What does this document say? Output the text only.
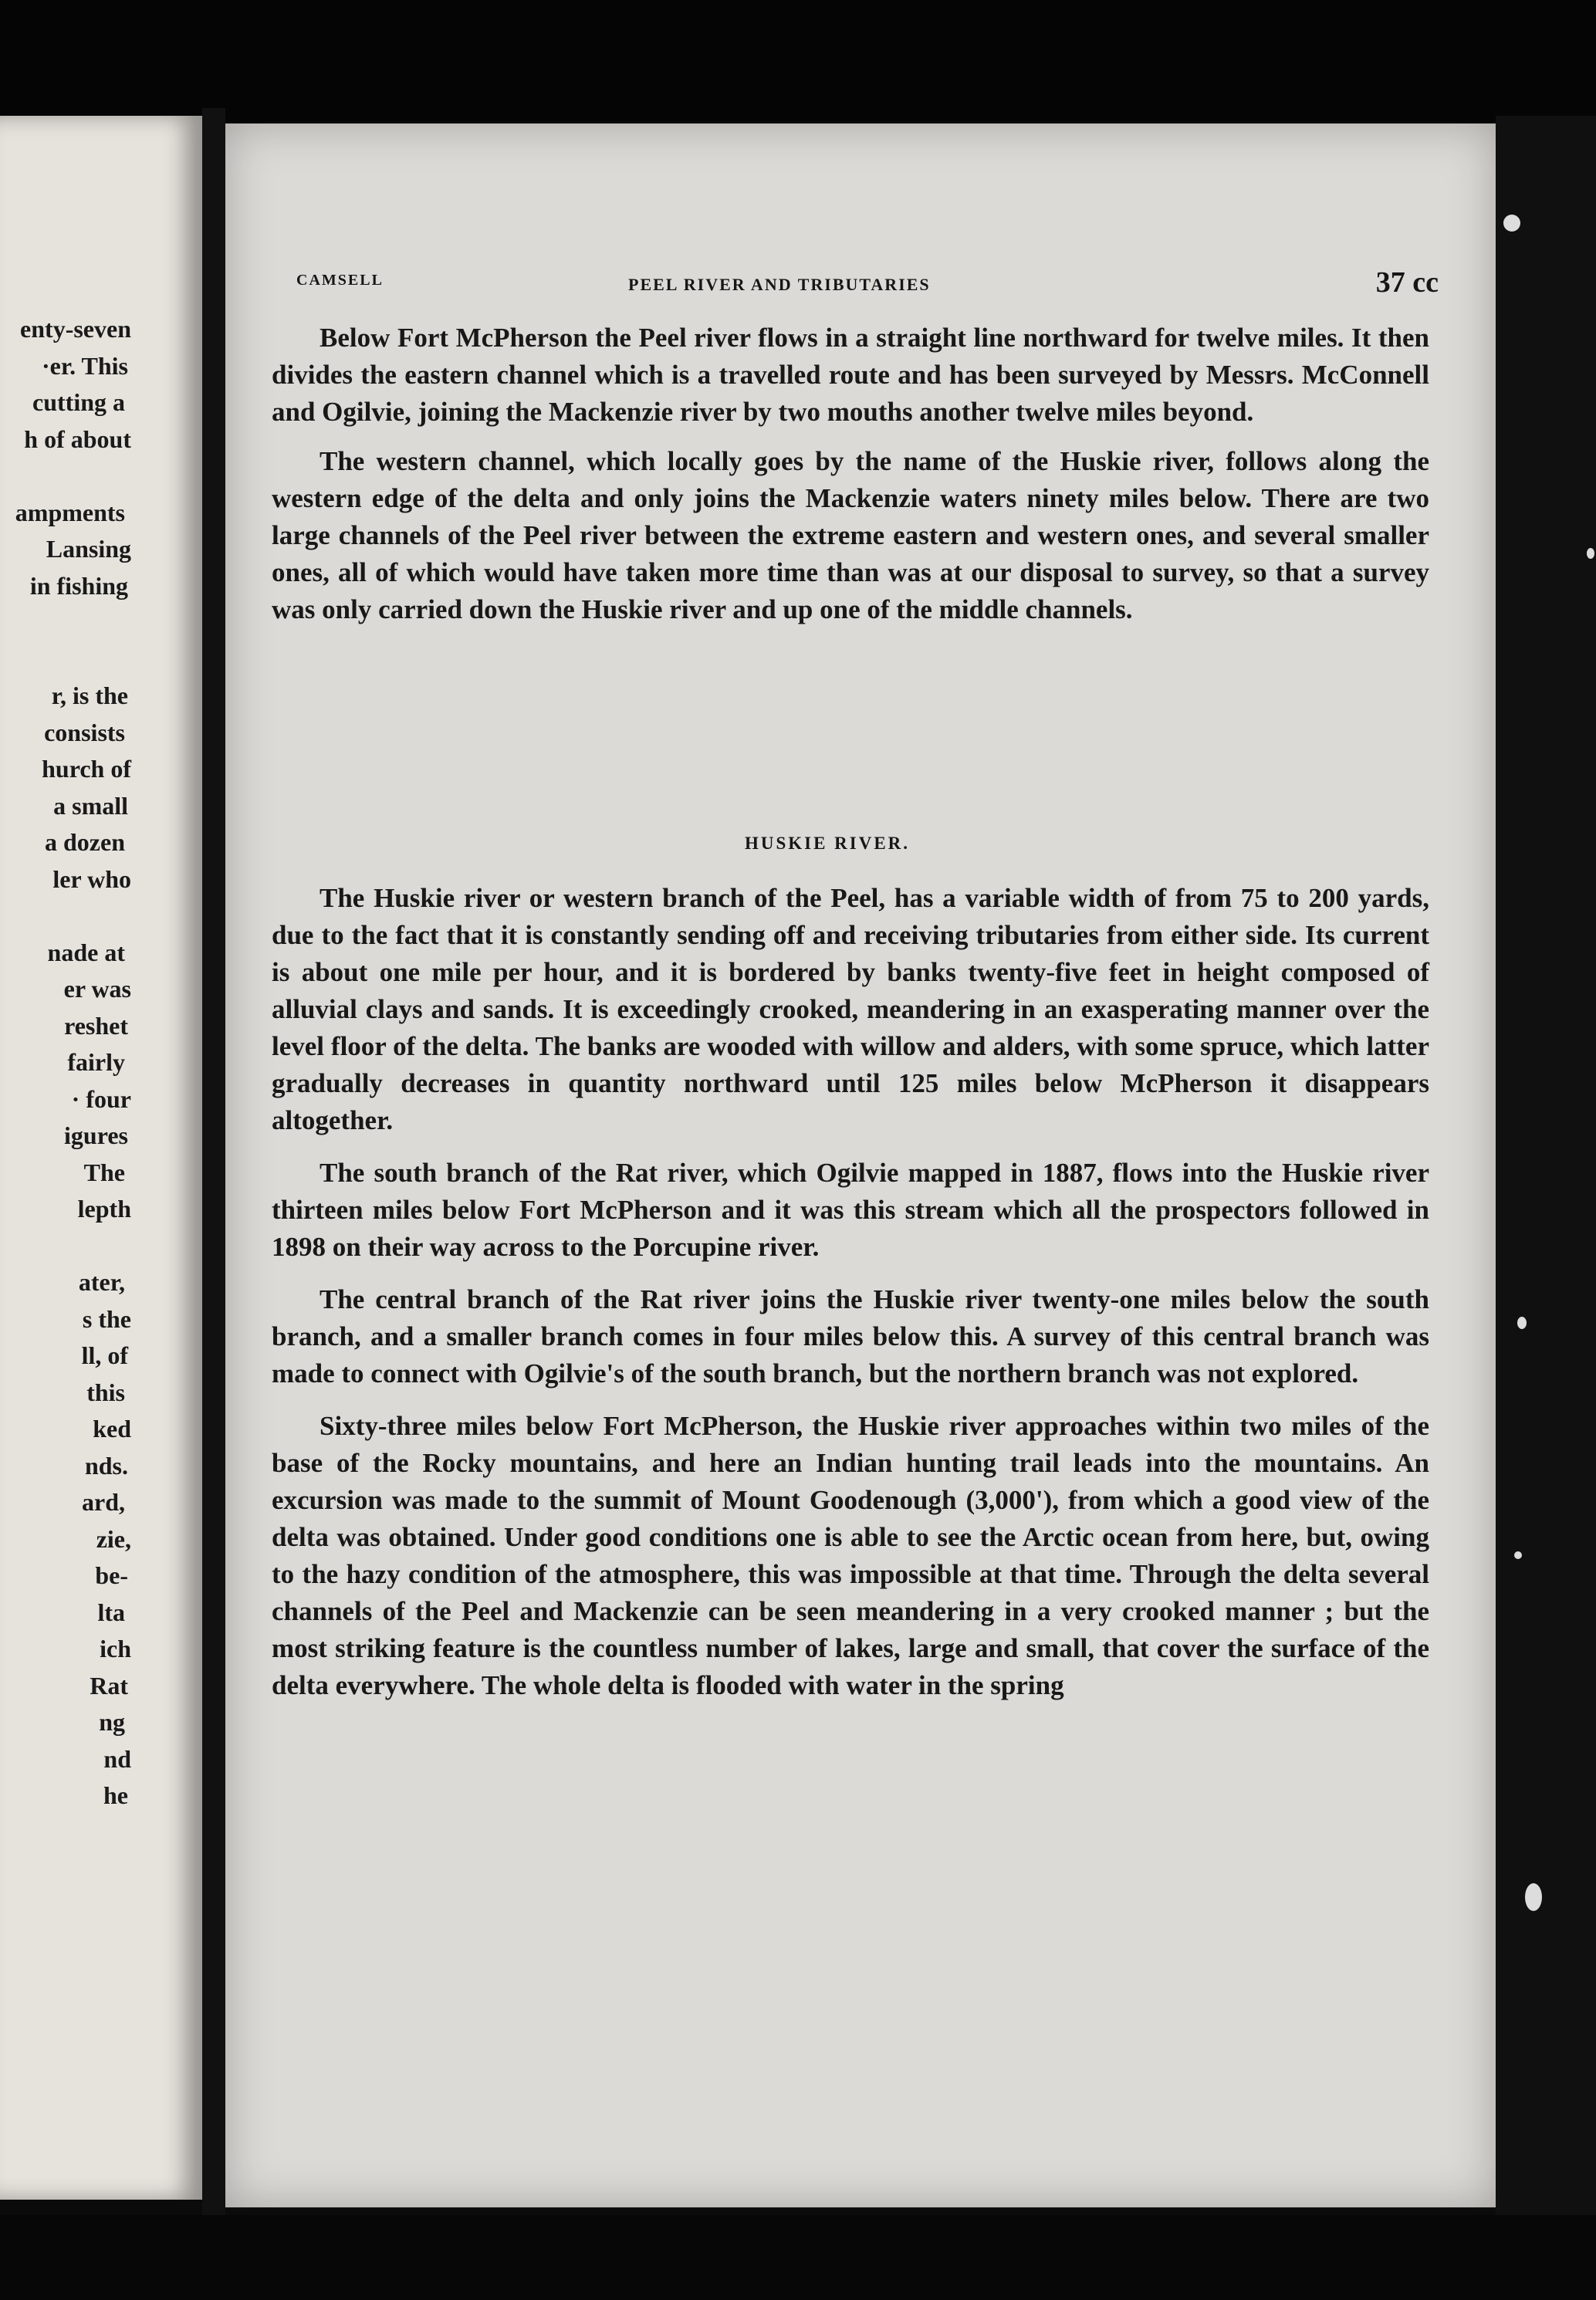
enty-seven
·er. This
cutting a
h of about
ampments
Lansing
in fishing
r, is the
consists
hurch of
a small
a dozen
ler who
nade at
er was
reshet
fairly
· four
igures
The
lepth
ater,
s the
ll, of
this
ked
nds.
ard,
zie,
be-
lta
ich
Rat
ng
nd
he
CAMSELL	PEEL RIVER AND TRIBUTARIES	37 cc

Below Fort McPherson the Peel river flows in a straight line northward for twelve miles. It then divides the eastern channel which is a travelled route and has been surveyed by Messrs. McConnell and Ogilvie, joining the Mackenzie river by two mouths another twelve miles beyond.

The western channel, which locally goes by the name of the Huskie river, follows along the western edge of the delta and only joins the Mackenzie waters ninety miles below. There are two large channels of the Peel river between the extreme eastern and western ones, and several smaller ones, all of which would have taken more time than was at our disposal to survey, so that a survey was only carried down the Huskie river and up one of the middle channels.

HUSKIE RIVER.

The Huskie river or western branch of the Peel, has a variable width of from 75 to 200 yards, due to the fact that it is constantly sending off and receiving tributaries from either side. Its current is about one mile per hour, and it is bordered by banks twenty-five feet in height composed of alluvial clays and sands. It is exceedingly crooked, meandering in an exasperating manner over the level floor of the delta. The banks are wooded with willow and alders, with some spruce, which latter gradually decreases in quantity northward until 125 miles below McPherson it disappears altogether.

The south branch of the Rat river, which Ogilvie mapped in 1887, flows into the Huskie river thirteen miles below Fort McPherson and it was this stream which all the prospectors followed in 1898 on their way across to the Porcupine river.

The central branch of the Rat river joins the Huskie river twenty-one miles below the south branch, and a smaller branch comes in four miles below this. A survey of this central branch was made to connect with Ogilvie's of the south branch, but the northern branch was not explored.

Sixty-three miles below Fort McPherson, the Huskie river approaches within two miles of the base of the Rocky mountains, and here an Indian hunting trail leads into the mountains. An excursion was made to the summit of Mount Goodenough (3,000'), from which a good view of the delta was obtained. Under good conditions one is able to see the Arctic ocean from here, but, owing to the hazy condition of the atmosphere, this was impossible at that time. Through the delta several channels of the Peel and Mackenzie can be seen meandering in a very crooked manner ; but the most striking feature is the countless number of lakes, large and small, that cover the surface of the delta everywhere. The whole delta is flooded with water in the spring
